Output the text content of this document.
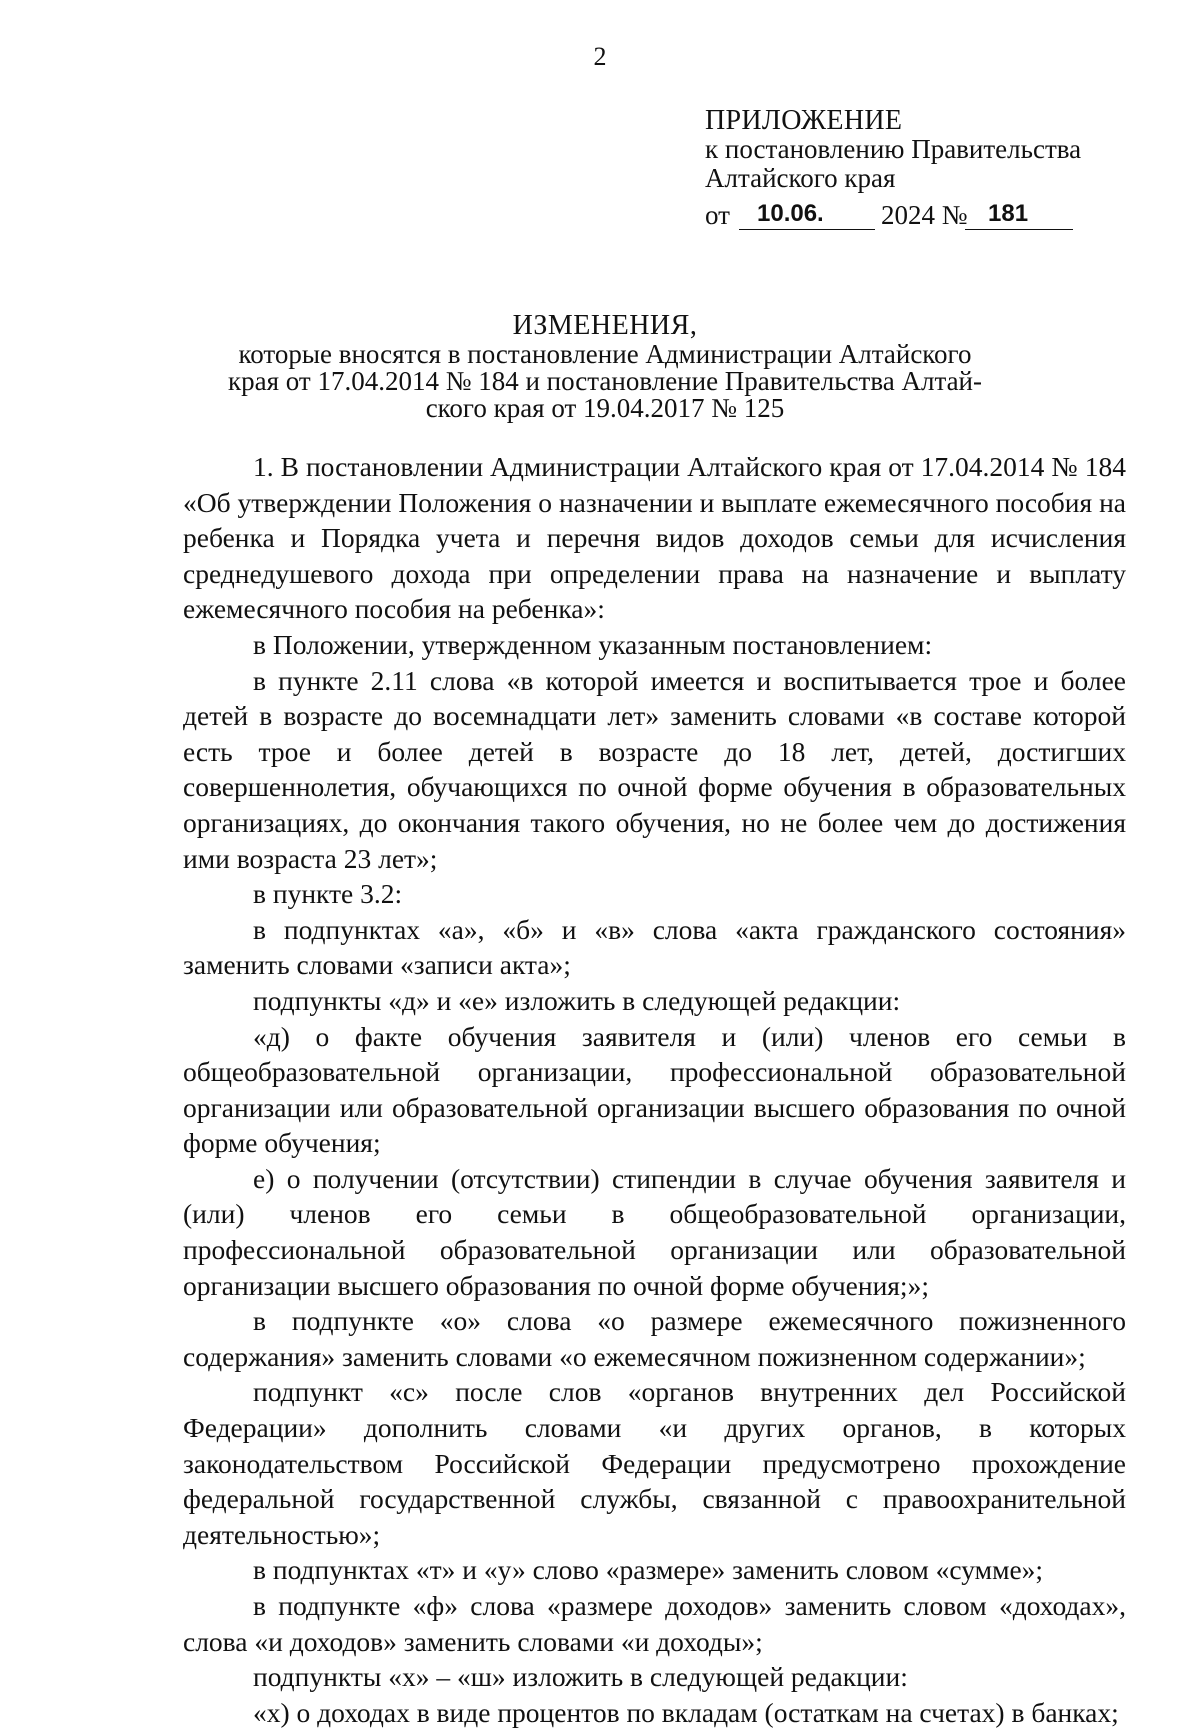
2
ПРИЛОЖЕНИЕ
к постановлению Правительства
Алтайского края
от 10.06. 2024 № 181
ИЗМЕНЕНИЯ,
которые вносятся в постановление Администрации Алтайского
края от 17.04.2014 № 184 и постановление Правительства Алтай-
ского края от 19.04.2017 № 125

1. В постановлении Администрации Алтайского края от 17.04.2014 № 184 «Об утверждении Положения о назначении и выплате ежемесячного пособия на ребенка и Порядка учета и перечня видов доходов семьи для исчисления среднедушевого дохода при определении права на назначение и выплату ежемесячного пособия на ребенка»:

в Положении, утвержденном указанным постановлением:

в пункте 2.11 слова «в которой имеется и воспитывается трое и более детей в возрасте до восемнадцати лет» заменить словами «в составе которой есть трое и более детей в возрасте до 18 лет, детей, достигших совершеннолетия, обучающихся по очной форме обучения в образовательных организациях, до окончания такого обучения, но не более чем до достижения ими возраста 23 лет»;

в пункте 3.2:

в подпунктах «а», «б» и «в» слова «акта гражданского состояния» заменить словами «записи акта»;

подпункты «д» и «е» изложить в следующей редакции:

«д) о факте обучения заявителя и (или) членов его семьи в общеобразовательной организации, профессиональной образовательной организации или образовательной организации высшего образования по очной форме обучения;

е) о получении (отсутствии) стипендии в случае обучения заявителя и (или) членов его семьи в общеобразовательной организации, профессиональной образовательной организации или образовательной организации высшего образования по очной форме обучения;»;

в подпункте «о» слова «о размере ежемесячного пожизненного содержания» заменить словами «о ежемесячном пожизненном содержании»;

подпункт «с» после слов «органов внутренних дел Российской Федерации» дополнить словами «и других органов, в которых законодательством Российской Федерации предусмотрено прохождение федеральной государственной службы, связанной с правоохранительной деятельностью»;

в подпунктах «т» и «у» слово «размере» заменить словом «сумме»;

в подпункте «ф» слова «размере доходов» заменить словом «доходах», слова «и доходов» заменить словами «и доходы»;

подпункты «х» – «ш» изложить в следующей редакции:

«х) о доходах в виде процентов по вкладам (остаткам на счетах) в банках;
